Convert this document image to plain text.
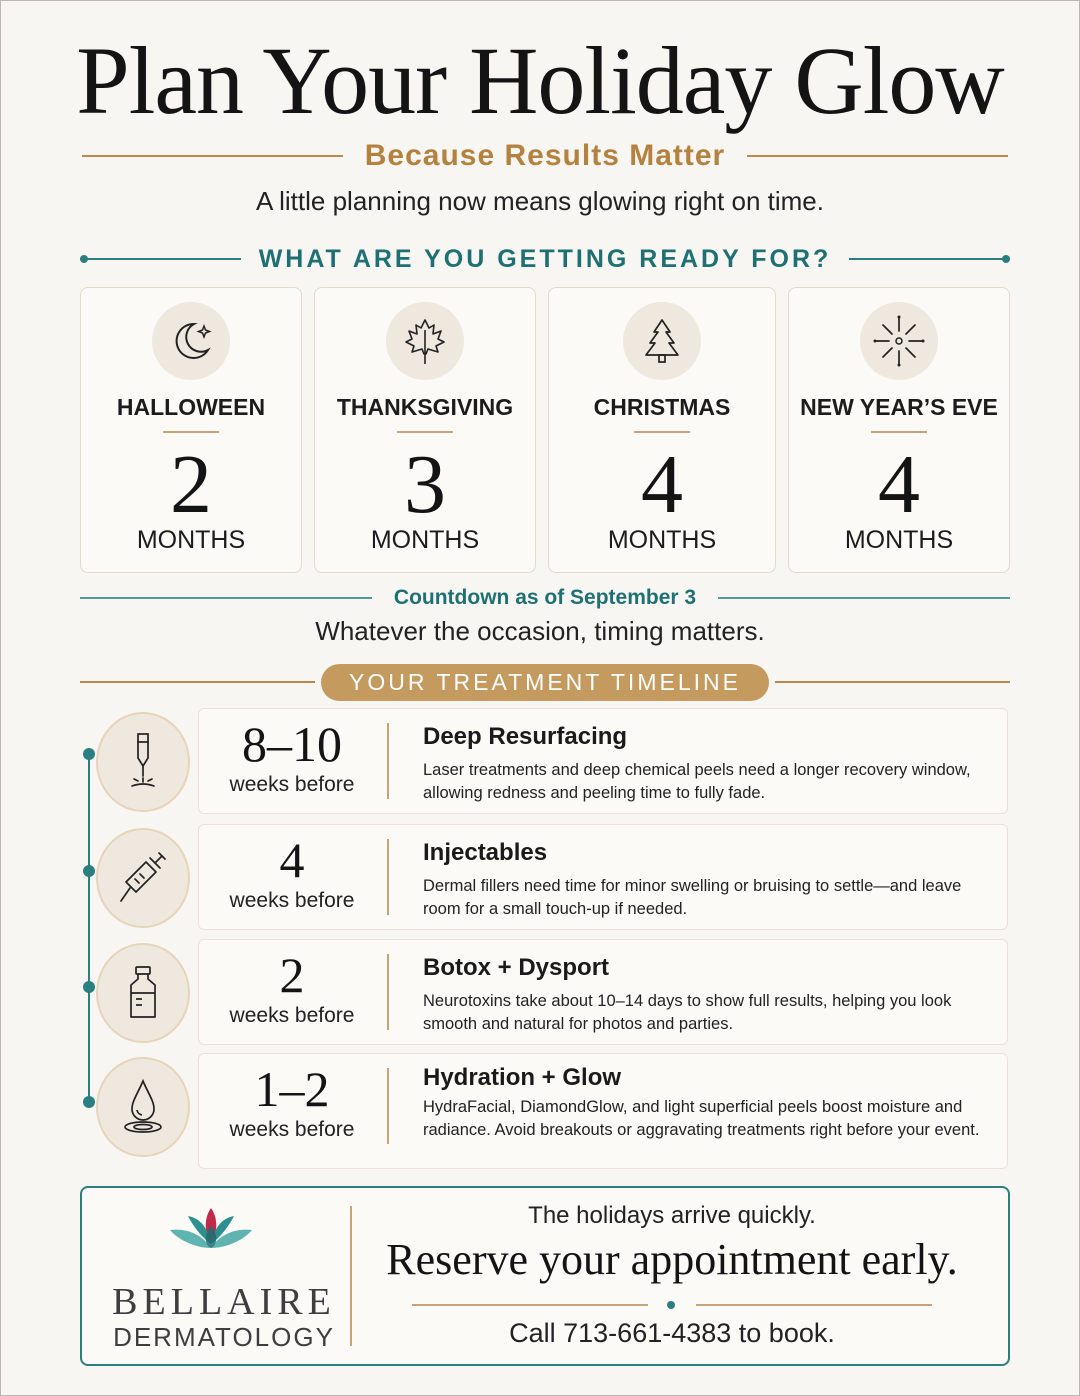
Plan Your Holiday Glow
Because Results Matter
A little planning now means glowing right on time.
WHAT ARE YOU GETTING READY FOR?
HALLOWEEN
2
MONTHS
THANKSGIVING
3
MONTHS
CHRISTMAS
4
MONTHS
NEW YEAR’S EVE
4
MONTHS
Countdown as of September 3
Whatever the occasion, timing matters.
YOUR TREATMENT TIMELINE
8–10
weeks before
Deep Resurfacing
Laser treatments and deep chemical peels need a longer recovery window, allowing redness and peeling time to fully fade.
4
weeks before
Injectables
Dermal fillers need time for minor swelling or bruising to settle—and leave room for a small touch-up if needed.
2
weeks before
Botox + Dysport
Neurotoxins take about 10–14 days to show full results, helping you look smooth and natural for photos and parties.
1–2
weeks before
Hydration + Glow
HydraFacial, DiamondGlow, and light superficial peels boost moisture and radiance. Avoid breakouts or aggravating treatments right before your event.
BELLAIRE
DERMATOLOGY
The holidays arrive quickly.
Reserve your appointment early.
Call 713-661-4383 to book.
